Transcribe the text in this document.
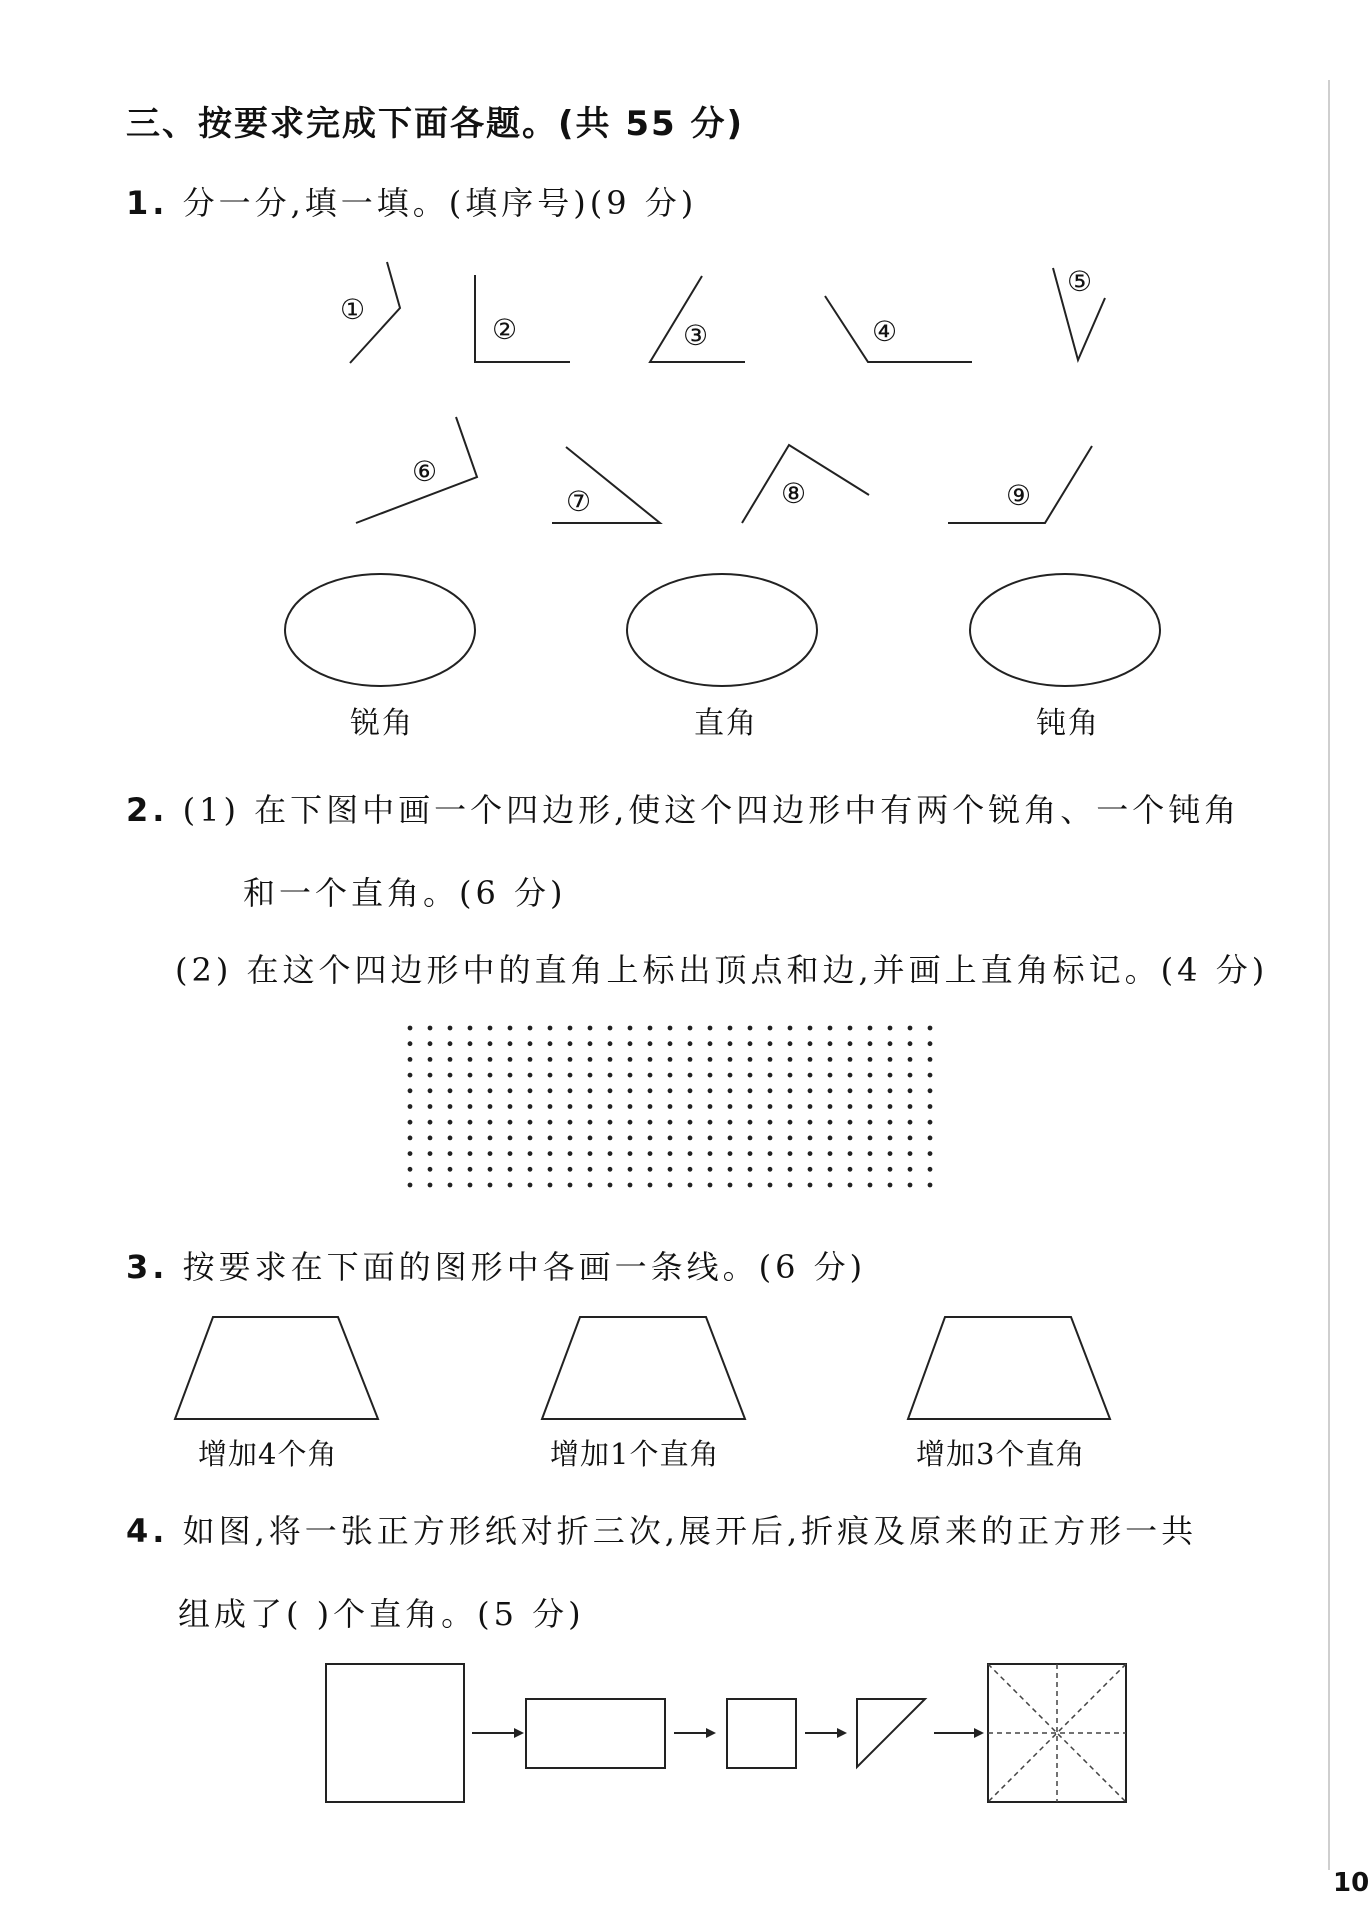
三、按要求完成下面各题。(共 55 分)
1. 分一分,填一填。(填序号)(9 分)
①
②	③	④
⑤
⑥
⑦	⑧	⑨
锐角	直角	钝角
2. (1) 在下图中画一个四边形,使这个四边形中有两个锐角、一个钝角
和一个直角。(6 分)
(2) 在这个四边形中的直角上标出顶点和边,并画上直角标记。(4 分)
3. 按要求在下面的图形中各画一条线。(6 分)
增加4个角	增加1个直角	增加3个直角
4. 如图,将一张正方形纸对折三次,展开后,折痕及原来的正方形一共
组成了( )个直角。(5 分)
10
